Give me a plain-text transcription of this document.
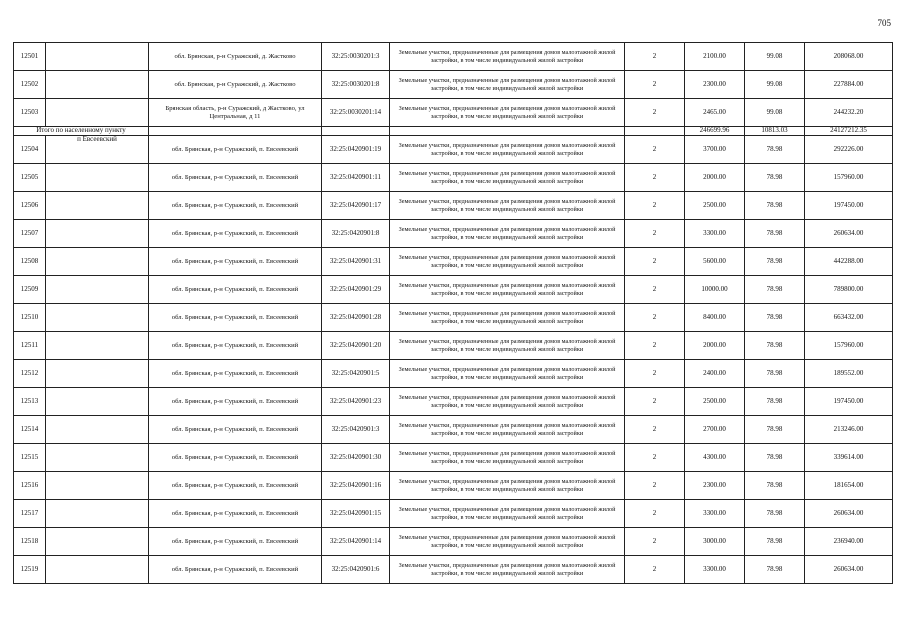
705
12501		обл. Брянская, р-н Суражский, д. Жастково	32:25:0030201:3	Земельные участки, предназначенные для размещения домов малоэтажной жилой застройки, в том числе индивидуальной жилой застройки	2	2100.00	99.08	208068.00
12502		обл. Брянская, р-н Суражский, д. Жастково	32:25:0030201:8	Земельные участки, предназначенные для размещения домов малоэтажной жилой застройки, в том числе индивидуальной жилой застройки	2	2300.00	99.08	227884.00
12503		Брянская область, р-н Суражский, д Жастково, ул Центральная, д 11	32:25:0030201:14	Земельные участки, предназначенные для размещения домов малоэтажной жилой застройки, в том числе индивидуальной жилой застройки	2	2465.00	99.08	244232.20
Итого по населенному пункту						246699.96	10813.03	24127212.35
12504	п Евсеевский	обл. Брянская, р-н Суражский, п. Евсеевский	32:25:0420901:19	Земельные участки, предназначенные для размещения домов малоэтажной жилой застройки, в том числе индивидуальной жилой застройки	2	3700.00	78.98	292226.00
12505		обл. Брянская, р-н Суражский, п. Евсеевский	32:25:0420901:11	Земельные участки, предназначенные для размещения домов малоэтажной жилой застройки, в том числе индивидуальной жилой застройки	2	2000.00	78.98	157960.00
12506		обл. Брянская, р-н Суражский, п. Евсеевский	32:25:0420901:17	Земельные участки, предназначенные для размещения домов малоэтажной жилой застройки, в том числе индивидуальной жилой застройки	2	2500.00	78.98	197450.00
12507		обл. Брянская, р-н Суражский, п. Евсеевский	32:25:0420901:8	Земельные участки, предназначенные для размещения домов малоэтажной жилой застройки, в том числе индивидуальной жилой застройки	2	3300.00	78.98	260634.00
12508		обл. Брянская, р-н Суражский, п. Евсеевский	32:25:0420901:31	Земельные участки, предназначенные для размещения домов малоэтажной жилой застройки, в том числе индивидуальной жилой застройки	2	5600.00	78.98	442288.00
12509		обл. Брянская, р-н Суражский, п. Евсеевский	32:25:0420901:29	Земельные участки, предназначенные для размещения домов малоэтажной жилой застройки, в том числе индивидуальной жилой застройки	2	10000.00	78.98	789800.00
12510		обл. Брянская, р-н Суражский, п. Евсеевский	32:25:0420901:28	Земельные участки, предназначенные для размещения домов малоэтажной жилой застройки, в том числе индивидуальной жилой застройки	2	8400.00	78.98	663432.00
12511		обл. Брянская, р-н Суражский, п. Евсеевский	32:25:0420901:20	Земельные участки, предназначенные для размещения домов малоэтажной жилой застройки, в том числе индивидуальной жилой застройки	2	2000.00	78.98	157960.00
12512		обл. Брянская, р-н Суражский, п. Евсеевский	32:25:0420901:5	Земельные участки, предназначенные для размещения домов малоэтажной жилой застройки, в том числе индивидуальной жилой застройки	2	2400.00	78.98	189552.00
12513		обл. Брянская, р-н Суражский, п. Евсеевский	32:25:0420901:23	Земельные участки, предназначенные для размещения домов малоэтажной жилой застройки, в том числе индивидуальной жилой застройки	2	2500.00	78.98	197450.00
12514		обл. Брянская, р-н Суражский, п. Евсеевский	32:25:0420901:3	Земельные участки, предназначенные для размещения домов малоэтажной жилой застройки, в том числе индивидуальной жилой застройки	2	2700.00	78.98	213246.00
12515		обл. Брянская, р-н Суражский, п. Евсеевский	32:25:0420901:30	Земельные участки, предназначенные для размещения домов малоэтажной жилой застройки, в том числе индивидуальной жилой застройки	2	4300.00	78.98	339614.00
12516		обл. Брянская, р-н Суражский, п. Евсеевский	32:25:0420901:16	Земельные участки, предназначенные для размещения домов малоэтажной жилой застройки, в том числе индивидуальной жилой застройки	2	2300.00	78.98	181654.00
12517		обл. Брянская, р-н Суражский, п. Евсеевский	32:25:0420901:15	Земельные участки, предназначенные для размещения домов малоэтажной жилой застройки, в том числе индивидуальной жилой застройки	2	3300.00	78.98	260634.00
12518		обл. Брянская, р-н Суражский, п. Евсеевский	32:25:0420901:14	Земельные участки, предназначенные для размещения домов малоэтажной жилой застройки, в том числе индивидуальной жилой застройки	2	3000.00	78.98	236940.00
12519		обл. Брянская, р-н Суражский, п. Евсеевский	32:25:0420901:6	Земельные участки, предназначенные для размещения домов малоэтажной жилой застройки, в том числе индивидуальной жилой застройки	2	3300.00	78.98	260634.00
